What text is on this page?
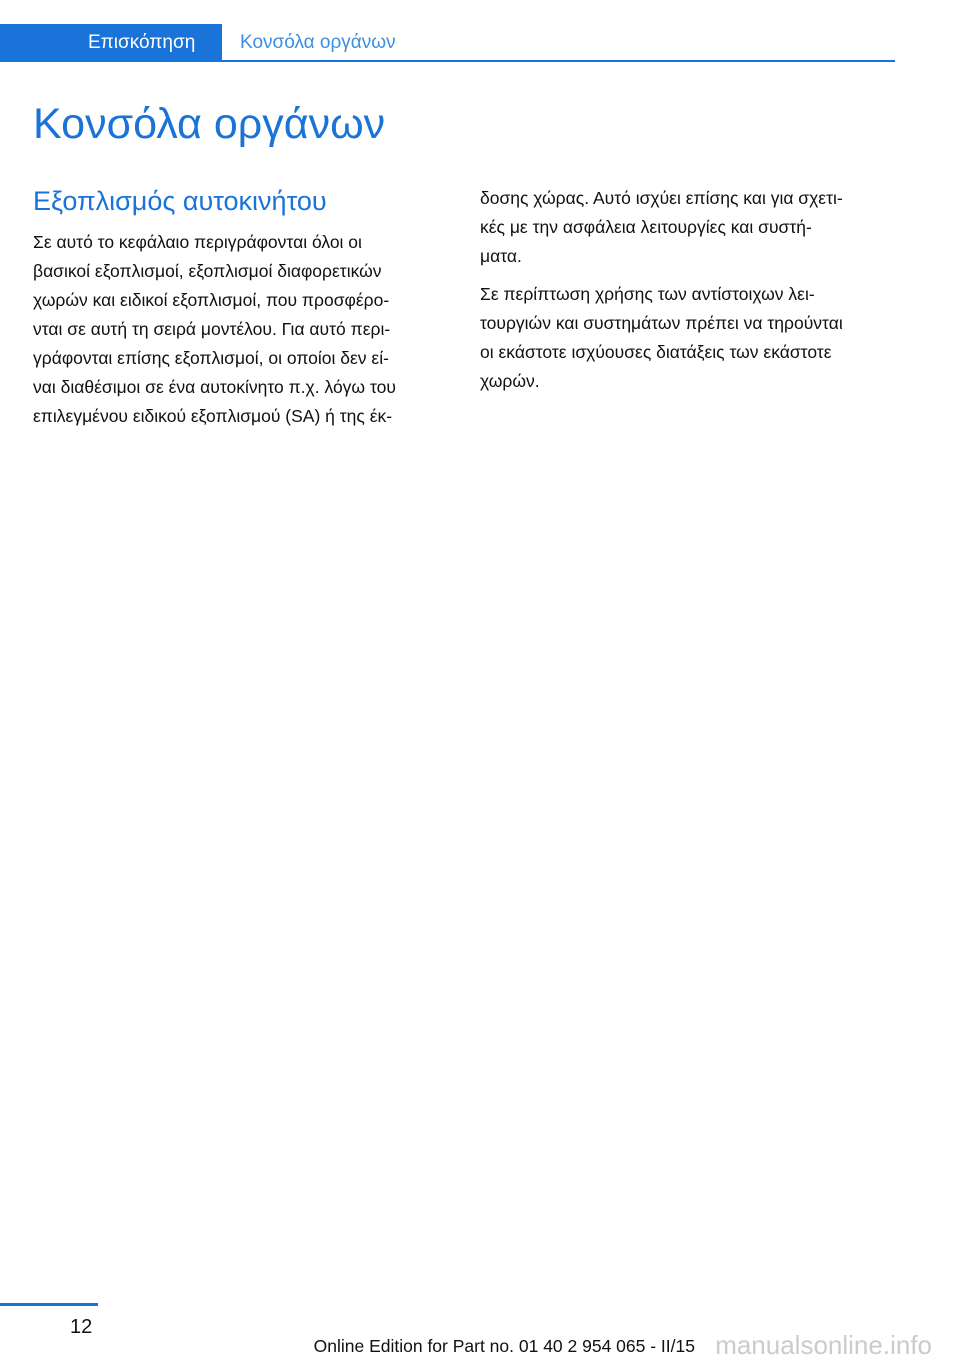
Επισκόπηση	Κονσόλα οργάνων
Κονσόλα οργάνων
Εξοπλισμός αυτοκινήτου

Σε αυτό το κεφάλαιο περιγράφονται όλοι οι
βασικοί εξοπλισμοί, εξοπλισμοί διαφορετικών
χωρών και ειδικοί εξοπλισμοί, που προσφέρο‐
νται σε αυτή τη σειρά μοντέλου. Για αυτό περι‐
γράφονται επίσης εξοπλισμοί, οι οποίοι δεν εί‐
ναι διαθέσιμοι σε ένα αυτοκίνητο π.χ. λόγω του
επιλεγμένου ειδικού εξοπλισμού (SA) ή της έκ‐

δοσης χώρας. Αυτό ισχύει επίσης και για σχετι‐
κές με την ασφάλεια λειτουργίες και συστή‐
ματα.

Σε περίπτωση χρήσης των αντίστοιχων λει‐
τουργιών και συστημάτων πρέπει να τηρούνται
οι εκάστοτε ισχύουσες διατάξεις των εκάστοτε
χωρών.

12
Online Edition for Part no. 01 40 2 954 065 - II/15 manualsonline.info
